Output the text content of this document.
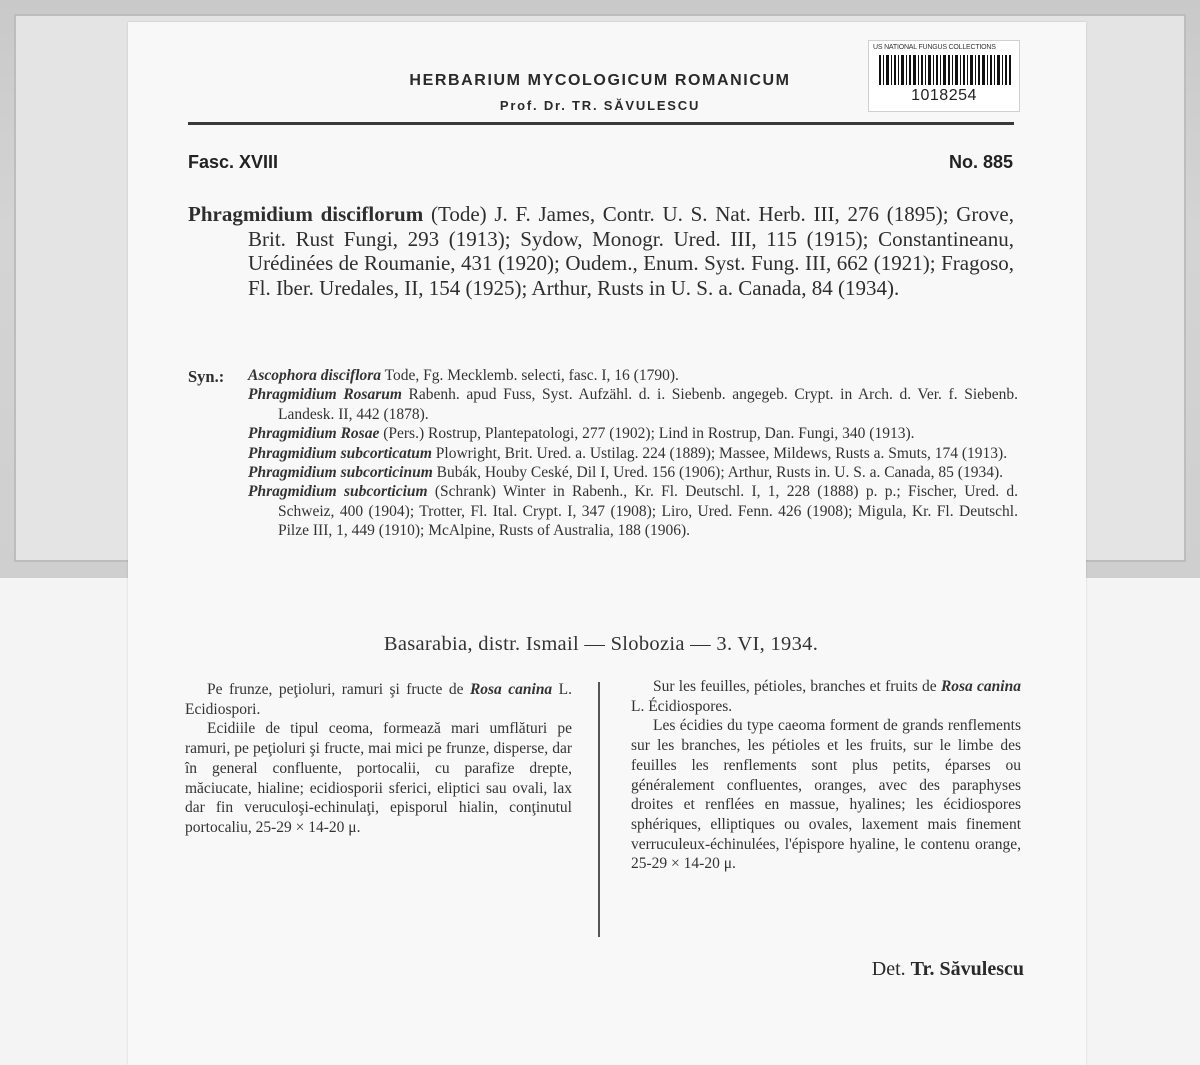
US NATIONAL FUNGUS COLLECTIONS
1018254
HERBARIUM MYCOLOGICUM ROMANICUM
Prof. Dr. TR. SĂVULESCU
Fasc. XVIII	No. 885
Phragmidium disciflorum (Tode) J. F. James, Contr. U. S. Nat. Herb. III, 276 (1895); Grove, Brit. Rust Fungi, 293 (1913); Sydow, Monogr. Ured. III, 115 (1915); Constantineanu, Urédinées de Roumanie, 431 (1920); Oudem., Enum. Syst. Fung. III, 662 (1921); Fragoso, Fl. Iber. Uredales, II, 154 (1925); Arthur, Rusts in U. S. a. Canada, 84 (1934).
Syn.: Ascophora disciflora Tode, Fg. Mecklemb. selecti, fasc. I, 16 (1790).
Phragmidium Rosarum Rabenh. apud Fuss, Syst. Aufzähl. d. i. Siebenb. angegeb. Crypt. in Arch. d. Ver. f. Siebenb. Landesk. II, 442 (1878).
Phragmidium Rosae (Pers.) Rostrup, Plantepatologi, 277 (1902); Lind in Rostrup, Dan. Fungi, 340 (1913).
Phragmidium subcorticatum Plowright, Brit. Ured. a. Ustilag. 224 (1889); Massee, Mildews, Rusts a. Smuts, 174 (1913).
Phragmidium subcorticinum Bubák, Houby Ceské, Dil I, Ured. 156 (1906); Arthur, Rusts in. U. S. a. Canada, 85 (1934).
Phragmidium subcorticium (Schrank) Winter in Rabenh., Kr. Fl. Deutschl. I, 1, 228 (1888) p. p.; Fischer, Ured. d. Schweiz, 400 (1904); Trotter, Fl. Ital. Crypt. I, 347 (1908); Liro, Ured. Fenn. 426 (1908); Migula, Kr. Fl. Deutschl. Pilze III, 1, 449 (1910); McAlpine, Rusts of Australia, 188 (1906).
Basarabia, distr. Ismail — Slobozia — 3. VI, 1934.

Pe frunze, peţioluri, ramuri şi fructe de Rosa canina L. Ecidiospori.

Ecidiile de tipul ceoma, formează mari umflături pe ramuri, pe peţioluri şi fructe, mai mici pe frunze, disperse, dar în general confluente, portocalii, cu parafize drepte, măciucate, hialine; ecidiosporii sferici, eliptici sau ovali, lax dar fin veruculoşi-echinulaţi, episporul hialin, conţinutul portocaliu, 25-29 × 14-20 μ.

Sur les feuilles, pétioles, branches et fruits de Rosa canina L. Écidiospores.

Les écidies du type caeoma forment de grands renflements sur les branches, les pétioles et les fruits, sur le limbe des feuilles les renflements sont plus petits, éparses ou généralement confluentes, oranges, avec des paraphyses droites et renflées en massue, hyalines; les écidiospores sphériques, elliptiques ou ovales, laxement mais finement verruculeux-échinulées, l'épispore hyaline, le contenu orange, 25-29 × 14-20 μ.

Det. Tr. Săvulescu
